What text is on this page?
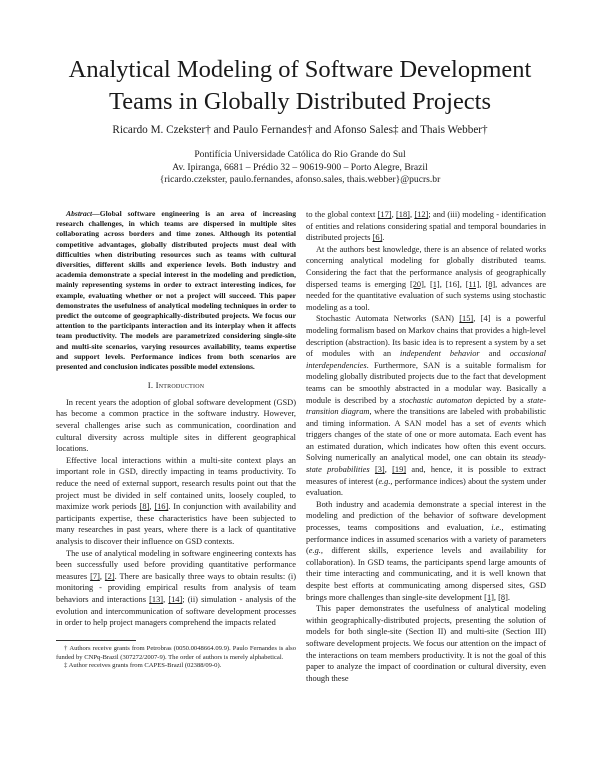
Analytical Modeling of Software Development
Teams in Globally Distributed Projects
Ricardo M. Czekster† and Paulo Fernandes† and Afonso Sales‡ and Thais Webber†
Pontifícia Universidade Católica do Rio Grande do Sul
Av. Ipiranga, 6681 – Prédio 32 – 90619-900 – Porto Alegre, Brazil
{ricardo.czekster, paulo.fernandes, afonso.sales, thais.webber}@pucrs.br

Abstract—Global software engineering is an area of increasing research challenges, in which teams are dispersed in multiple sites collaborating across borders and time zones. Although its potential competitive advantages, globally distributed projects must deal with difficulties when distributing resources such as teams with cultural diversities, different skills and experience levels. Both industry and academia demonstrate a special interest in the modeling and prediction, mainly representing systems in order to extract interesting indices, for example, evaluating whether or not a project will succeed. This paper demonstrates the usefulness of analytical modeling techniques in order to predict the outcome of geographically-distributed projects. We focus our attention to the participants interaction and its interplay when it affects team productivity. The models are parametrized considering single-site and multi-site scenarios, varying resources availability, teams expertise and support levels. Performance indices from both scenarios are presented and conclusion indicates possible model extensions.

I. Introduction

In recent years the adoption of global software development (GSD) has become a common practice in the software industry. However, several challenges arise such as communication, coordination and cultural diversity across multiple sites in different geographical locations.

Effective local interactions within a multi-site context plays an important role in GSD, directly impacting in teams productivity. To reduce the need of external support, research results point out that the project must be divided in self contained units, loosely coupled, to maximize work periods [8], [16]. In conjunction with availability and participants expertise, these characteristics have been subjected to many researches in past years, where there is a lack of quantitative analysis to discover their influence on GSD contexts.

The use of analytical modeling in software engineering contexts has been successfully used before providing quantitative performance measures [7], [2]. There are basically three ways to obtain results: (i) monitoring - providing empirical results from analysis of team behaviors and interactions [13], [14]; (ii) simulation - analysis of the evolution and intercommunication of software development processes in order to help project managers comprehend the impacts related

† Authors receive grants from Petrobras (0050.0048664.09.9). Paulo Fernandes is also funded by CNPq-Brazil (307272/2007-9). The order of authors is merely alphabetical.

‡ Author receives grants from CAPES-Brazil (02388/09-0).

to the global context [17], [18], [12]; and (iii) modeling - identification of entities and relations considering spatial and temporal boundaries in distributed projects [6].

At the authors best knowledge, there is an absence of related works concerning analytical modeling for globally distributed teams. Considering the fact that the performance analysis of geographically dispersed teams is emerging [20], [1], [16], [11], [8], advances are needed for the quantitative evaluation of such systems using stochastic modeling as a tool.

Stochastic Automata Networks (SAN) [15], [4] is a powerful modeling formalism based on Markov chains that provides a high-level description (abstraction). Its basic idea is to represent a system by a set of modules with an independent behavior and occasional interdependencies. Furthermore, SAN is a suitable formalism for modeling globally distributed projects due to the fact that development teams can be smoothly abstracted in a modular way. Basically a module is described by a stochastic automaton depicted by a state-transition diagram, where the transitions are labeled with probabilistic and timing information. A SAN model has a set of events which triggers changes of the state of one or more automata. Each event has an estimated duration, which indicates how often this event occurs. Solving numerically an analytical model, one can obtain its steady-state probabilities [3], [19] and, hence, it is possible to extract measures of interest (e.g., performance indices) about the system under evaluation.

Both industry and academia demonstrate a special interest in the modeling and prediction of the behavior of software development processes, teams compositions and evaluation, i.e., estimating performance indices in assumed scenarios with a variety of parameters (e.g., different skills, experience levels and availability for collaboration). In GSD teams, the participants spend large amounts of their time interacting and communicating, and it is well known that despite best efforts at communicating among dispersed sites, GSD brings more challenges than single-site development [1], [8].

This paper demonstrates the usefulness of analytical modeling within geographically-distributed projects, presenting the solution of models for both single-site (Section II) and multi-site (Section III) software development projects. We focus our attention on the impact of the interactions on team members productivity. It is not the goal of this paper to analyze the impact of coordination or cultural diversity, even though these
